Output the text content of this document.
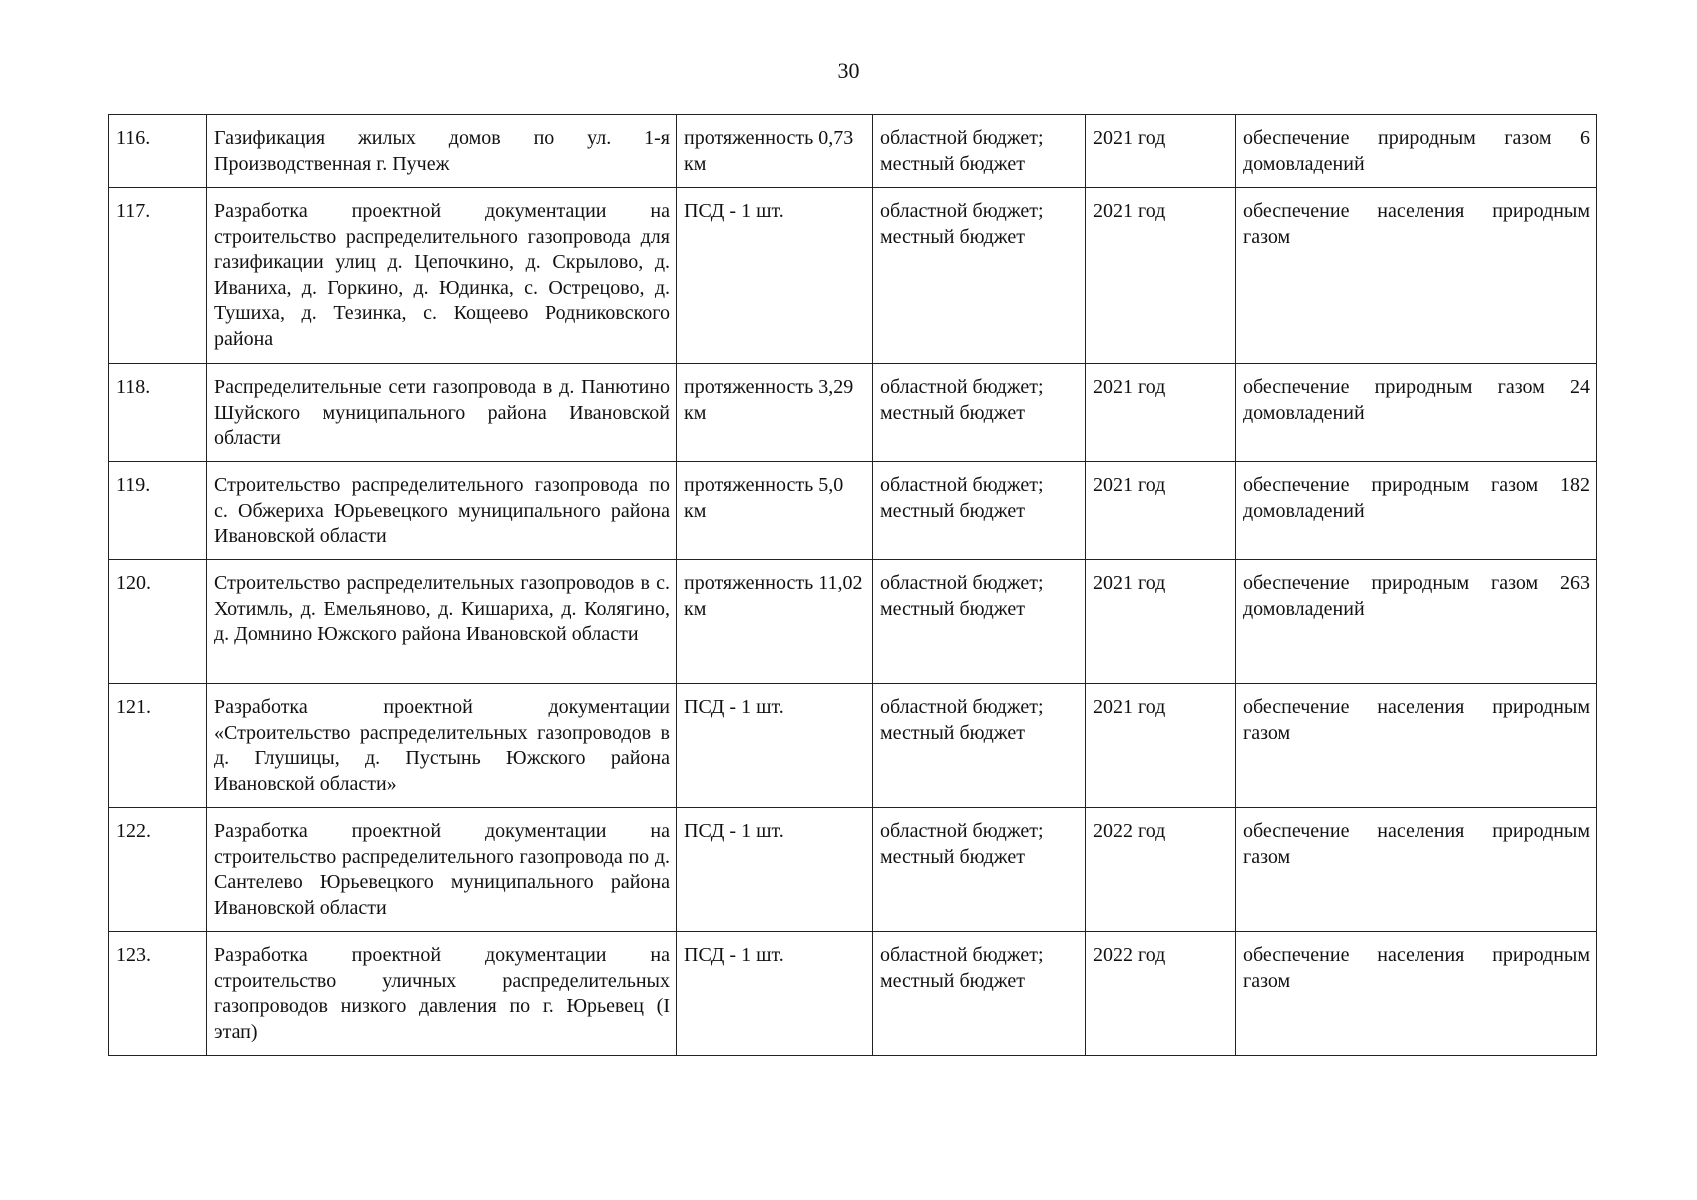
30
116.	Газификация жилых домов по ул. 1-я Производственная г. Пучеж	протяженность 0,73 км	областной бюджет; местный бюджет	2021 год	обеспечение природным газом 6 домовладений
117.	Разработка проектной документации на строительство распределительного газопровода для газификации улиц д. Цепочкино, д. Скрылово, д. Иваниха, д. Горкино, д. Юдинка, с. Острецово, д. Тушиха, д. Тезинка, с. Кощеево Родниковского района	ПСД - 1 шт.	областной бюджет; местный бюджет	2021 год	обеспечение населения природным газом
118.	Распределительные сети газопровода в д. Панютино Шуйского муниципального района Ивановской области	протяженность 3,29 км	областной бюджет; местный бюджет	2021 год	обеспечение природным газом 24 домовладений
119.	Строительство распределительного газопровода по с. Обжериха Юрьевецкого муниципального района Ивановской области	протяженность 5,0 км	областной бюджет; местный бюджет	2021 год	обеспечение природным газом 182 домовладений
120.	Строительство распределительных газопроводов в с. Хотимль, д. Емельяново, д. Кишариха, д. Колягино, д. Домнино Южского района Ивановской области	протяженность 11,02 км	областной бюджет; местный бюджет	2021 год	обеспечение природным газом 263 домовладений
121.	Разработка проектной документации «Строительство распределительных газопроводов в д. Глушицы, д. Пустынь Южского района Ивановской области»	ПСД - 1 шт.	областной бюджет; местный бюджет	2021 год	обеспечение населения природным газом
122.	Разработка проектной документации на строительство распределительного газопровода по д. Сантелево Юрьевецкого муниципального района Ивановской области	ПСД - 1 шт.	областной бюджет; местный бюджет	2022 год	обеспечение населения природным газом
123.	Разработка проектной документации на строительство уличных распределительных газопроводов низкого давления по г. Юрьевец (I этап)	ПСД - 1 шт.	областной бюджет; местный бюджет	2022 год	обеспечение населения природным газом
